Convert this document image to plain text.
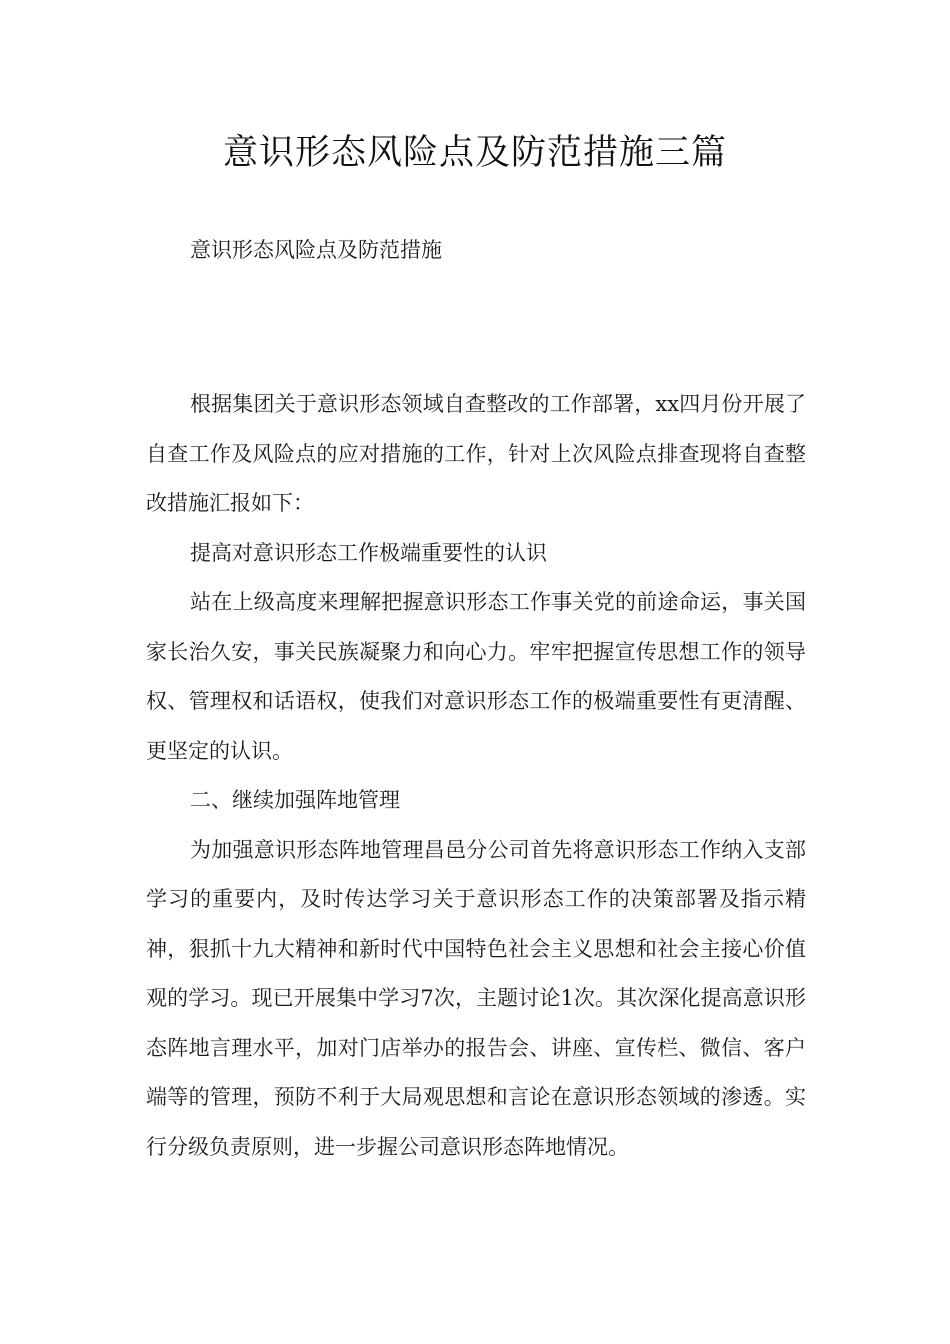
意识形态风险点及防范措施三篇

意识形态风险点及防范措施

根据集团关于意识形态领域自查整改的工作部署，xx四月份开展了自查工作及风险点的应对措施的工作，针对上次风险点排查现将自查整改措施汇报如下：

提高对意识形态工作极端重要性的认识

站在上级高度来理解把握意识形态工作事关党的前途命运，事关国家长治久安，事关民族凝聚力和向心力。牢牢把握宣传思想工作的领导权、管理权和话语权，使我们对意识形态工作的极端重要性有更清醒、更坚定的认识。

二、继续加强阵地管理

为加强意识形态阵地管理昌邑分公司首先将意识形态工作纳入支部学习的重要内，及时传达学习关于意识形态工作的决策部署及指示精神，狠抓十九大精神和新时代中国特色社会主义思想和社会主接心价值观的学习。现已开展集中学习7次，主题讨论1次。其次深化提高意识形态阵地言理水平，加对门店举办的报告会、讲座、宣传栏、微信、客户端等的管理，预防不利于大局观思想和言论在意识形态领域的渗透。实行分级负责原则，进一步握公司意识形态阵地情况。
